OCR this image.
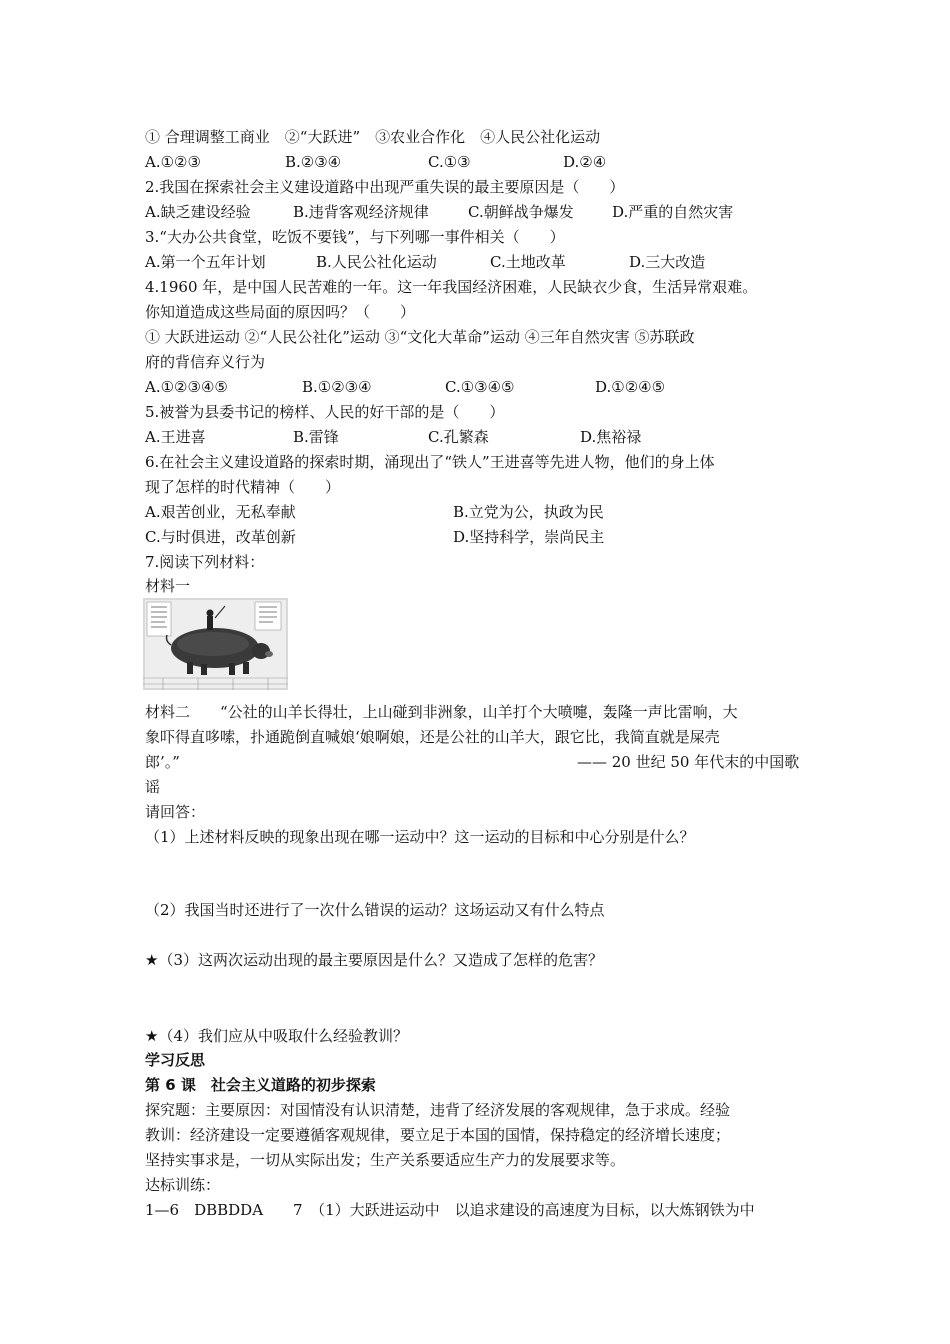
① 合理调整工商业　②“大跃进”　③农业合作化　④人民公社化运动
A.①②③	B.②③④	C.①③	D.②④
2.我国在探索社会主义建设道路中出现严重失误的最主要原因是（　　）
A.缺乏建设经验	B.违背客观经济规律	C.朝鲜战争爆发	D.严重的自然灾害
3.“大办公共食堂，吃饭不要钱”，与下列哪一事件相关（　　）
A.第一个五年计划	B.人民公社化运动	C.土地改革	D.三大改造
4.1960 年，是中国人民苦难的一年。这一年我国经济困难，人民缺衣少食，生活异常艰难。
你知道造成这些局面的原因吗？（　　）
① 大跃进运动 ②“人民公社化”运动 ③“文化大革命”运动 ④三年自然灾害 ⑤苏联政
府的背信弃义行为
A.①②③④⑤	B.①②③④	C.①③④⑤	D.①②④⑤
5.被誉为县委书记的榜样、人民的好干部的是（　　）
A.王进喜	B.雷锋	C.孔繁森	D.焦裕禄
6.在社会主义建设道路的探索时期，涌现出了“铁人”王进喜等先进人物，他们的身上体
现了怎样的时代精神（　　）
A.艰苦创业，无私奉献	B.立党为公，执政为民
C.与时俱进，改革创新	D.坚持科学，崇尚民主
7.阅读下列材料：
材料一
材料二　　“公社的山羊长得壮，上山碰到非洲象，山羊打个大喷嚏，轰隆一声比雷响，大
象吓得直哆嗦，扑通跪倒直喊娘‘娘啊娘，还是公社的山羊大，跟它比，我简直就是屎壳
郎’。”	—— 20 世纪 50 年代末的中国歌
谣
请回答：
（1）上述材料反映的现象出现在哪一运动中？这一运动的目标和中心分别是什么？
（2）我国当时还进行了一次什么错误的运动？这场运动又有什么特点
★（3）这两次运动出现的最主要原因是什么？又造成了怎样的危害？
★（4）我们应从中吸取什么经验教训？
学习反思
第 6 课　社会主义道路的初步探索
探究题：主要原因：对国情没有认识清楚，违背了经济发展的客观规律，急于求成。经验
教训：经济建设一定要遵循客观规律，要立足于本国的国情，保持稳定的经济增长速度；
坚持实事求是，一切从实际出发；生产关系要适应生产力的发展要求等。
达标训练：
1—6　DBBDDA　　7　（1）大跃进运动中　以追求建设的高速度为目标，以大炼钢铁为中
